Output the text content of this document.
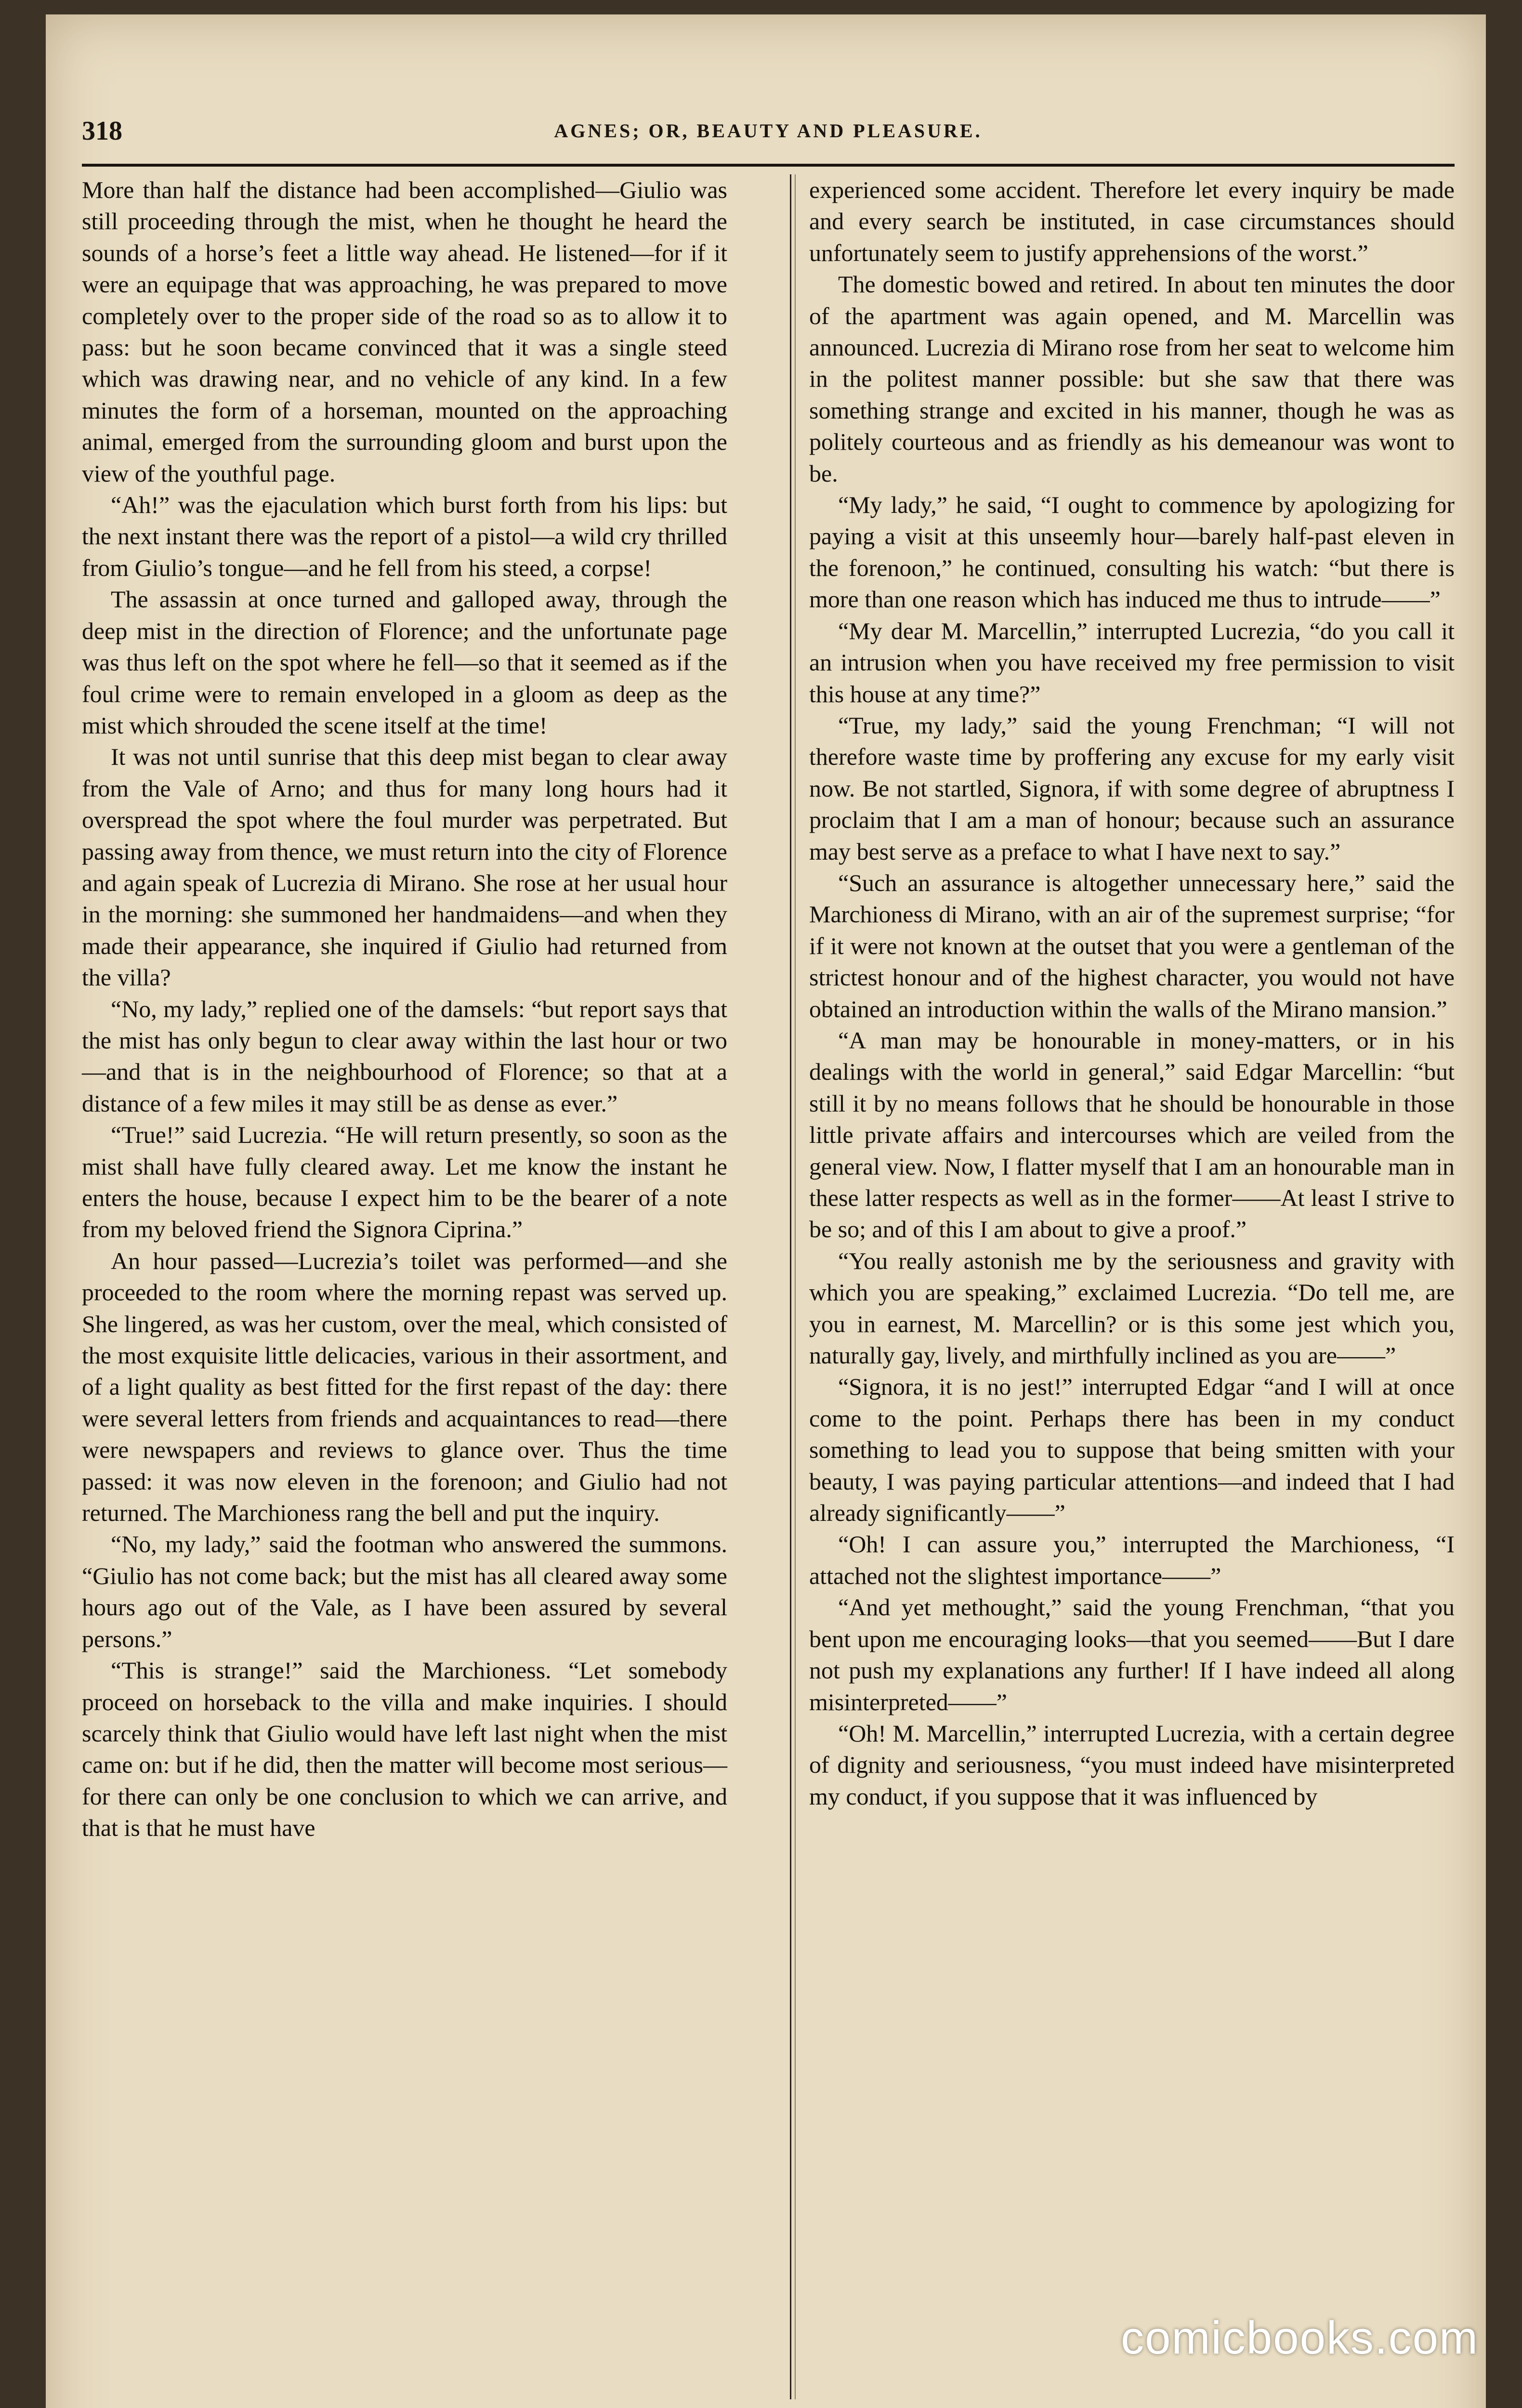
318	AGNES; OR, BEAUTY AND PLEASURE.

More than half the distance had been accomplished—Giulio was still proceeding through the mist, when he thought he heard the sounds of a horse’s feet a little way ahead. He listened—for if it were an equipage that was approaching, he was prepared to move completely over to the proper side of the road so as to allow it to pass: but he soon became convinced that it was a single steed which was drawing near, and no vehicle of any kind. In a few minutes the form of a horseman, mounted on the approaching animal, emerged from the surrounding gloom and burst upon the view of the youthful page.

“Ah!” was the ejaculation which burst forth from his lips: but the next instant there was the report of a pistol—a wild cry thrilled from Giulio’s tongue—and he fell from his steed, a corpse!

The assassin at once turned and galloped away, through the deep mist in the direction of Florence; and the unfortunate page was thus left on the spot where he fell—so that it seemed as if the foul crime were to remain enveloped in a gloom as deep as the mist which shrouded the scene itself at the time!

It was not until sunrise that this deep mist began to clear away from the Vale of Arno; and thus for many long hours had it overspread the spot where the foul murder was perpetrated. But passing away from thence, we must return into the city of Florence and again speak of Lucrezia di Mirano. She rose at her usual hour in the morning: she summoned her handmaidens—and when they made their appearance, she inquired if Giulio had returned from the villa?

“No, my lady,” replied one of the damsels: “but report says that the mist has only begun to clear away within the last hour or two—and that is in the neighbourhood of Florence; so that at a distance of a few miles it may still be as dense as ever.”

“True!” said Lucrezia. “He will return presently, so soon as the mist shall have fully cleared away. Let me know the instant he enters the house, because I expect him to be the bearer of a note from my beloved friend the Signora Ciprina.”

An hour passed—Lucrezia’s toilet was performed—and she proceeded to the room where the morning repast was served up. She lingered, as was her custom, over the meal, which consisted of the most exquisite little delicacies, various in their assortment, and of a light quality as best fitted for the first repast of the day: there were several letters from friends and acquaintances to read—there were newspapers and reviews to glance over. Thus the time passed: it was now eleven in the forenoon; and Giulio had not returned. The Marchioness rang the bell and put the inquiry.

“No, my lady,” said the footman who answered the summons. “Giulio has not come back; but the mist has all cleared away some hours ago out of the Vale, as I have been assured by several persons.”

“This is strange!” said the Marchioness. “Let somebody proceed on horseback to the villa and make inquiries. I should scarcely think that Giulio would have left last night when the mist came on: but if he did, then the matter will become most serious—for there can only be one conclusion to which we can arrive, and that is that he must have

experienced some accident. Therefore let every inquiry be made and every search be instituted, in case circumstances should unfortunately seem to justify apprehensions of the worst.”

The domestic bowed and retired. In about ten minutes the door of the apartment was again opened, and M. Marcellin was announced. Lucrezia di Mirano rose from her seat to welcome him in the politest manner possible: but she saw that there was something strange and excited in his manner, though he was as politely courteous and as friendly as his demeanour was wont to be.

“My lady,” he said, “I ought to commence by apologizing for paying a visit at this unseemly hour—barely half-past eleven in the forenoon,” he continued, consulting his watch: “but there is more than one reason which has induced me thus to intrude——”

“My dear M. Marcellin,” interrupted Lucrezia, “do you call it an intrusion when you have received my free permission to visit this house at any time?”

“True, my lady,” said the young Frenchman; “I will not therefore waste time by proffering any excuse for my early visit now. Be not startled, Signora, if with some degree of abruptness I proclaim that I am a man of honour; because such an assurance may best serve as a preface to what I have next to say.”

“Such an assurance is altogether unnecessary here,” said the Marchioness di Mirano, with an air of the supremest surprise; “for if it were not known at the outset that you were a gentleman of the strictest honour and of the highest character, you would not have obtained an introduction within the walls of the Mirano mansion.”

“A man may be honourable in money-matters, or in his dealings with the world in general,” said Edgar Marcellin: “but still it by no means follows that he should be honourable in those little private affairs and intercourses which are veiled from the general view. Now, I flatter myself that I am an honourable man in these latter respects as well as in the former——At least I strive to be so; and of this I am about to give a proof.”

“You really astonish me by the seriousness and gravity with which you are speaking,” exclaimed Lucrezia. “Do tell me, are you in earnest, M. Marcellin? or is this some jest which you, naturally gay, lively, and mirthfully inclined as you are——”

“Signora, it is no jest!” interrupted Edgar “and I will at once come to the point. Perhaps there has been in my conduct something to lead you to suppose that being smitten with your beauty, I was paying particular attentions—and indeed that I had already significantly——”

“Oh! I can assure you,” interrupted the Marchioness, “I attached not the slightest importance——”

“And yet methought,” said the young Frenchman, “that you bent upon me encouraging looks—that you seemed——But I dare not push my explanations any further! If I have indeed all along misinterpreted——”

“Oh! M. Marcellin,” interrupted Lucrezia, with a certain degree of dignity and seriousness, “you must indeed have misinterpreted my conduct, if you suppose that it was influenced by

comicbooks.com
